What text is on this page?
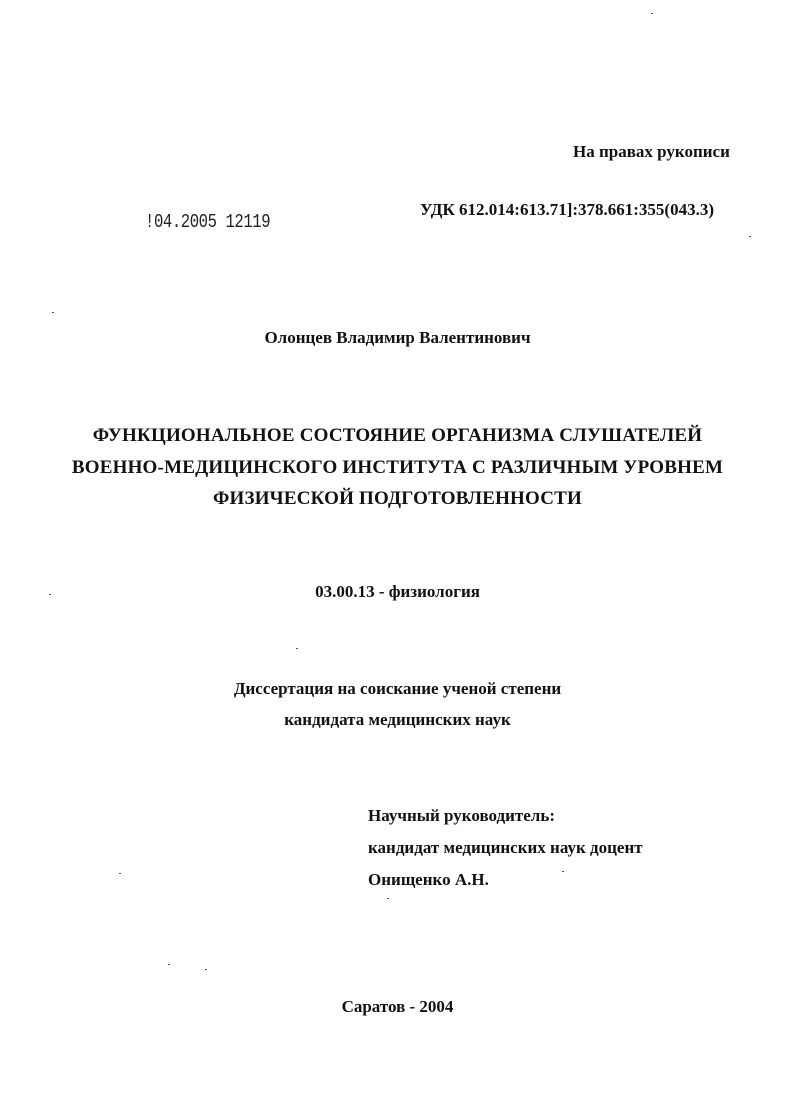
На правах рукописи
!04.2005 12119
УДК 612.014:613.71]:378.661:355(043.3)
Олонцев Владимир Валентинович
ФУНКЦИОНАЛЬНОЕ СОСТОЯНИЕ ОРГАНИЗМА СЛУШАТЕЛЕЙ
ВОЕННО-МЕДИЦИНСКОГО ИНСТИТУТА С РАЗЛИЧНЫМ УРОВНЕМ
ФИЗИЧЕСКОЙ ПОДГОТОВЛЕННОСТИ
03.00.13 - физиология
Диссертация на соискание ученой степени
кандидата медицинских наук
Научный руководитель:
кандидат медицинских наук доцент
Онищенко А.Н.
Саратов - 2004
